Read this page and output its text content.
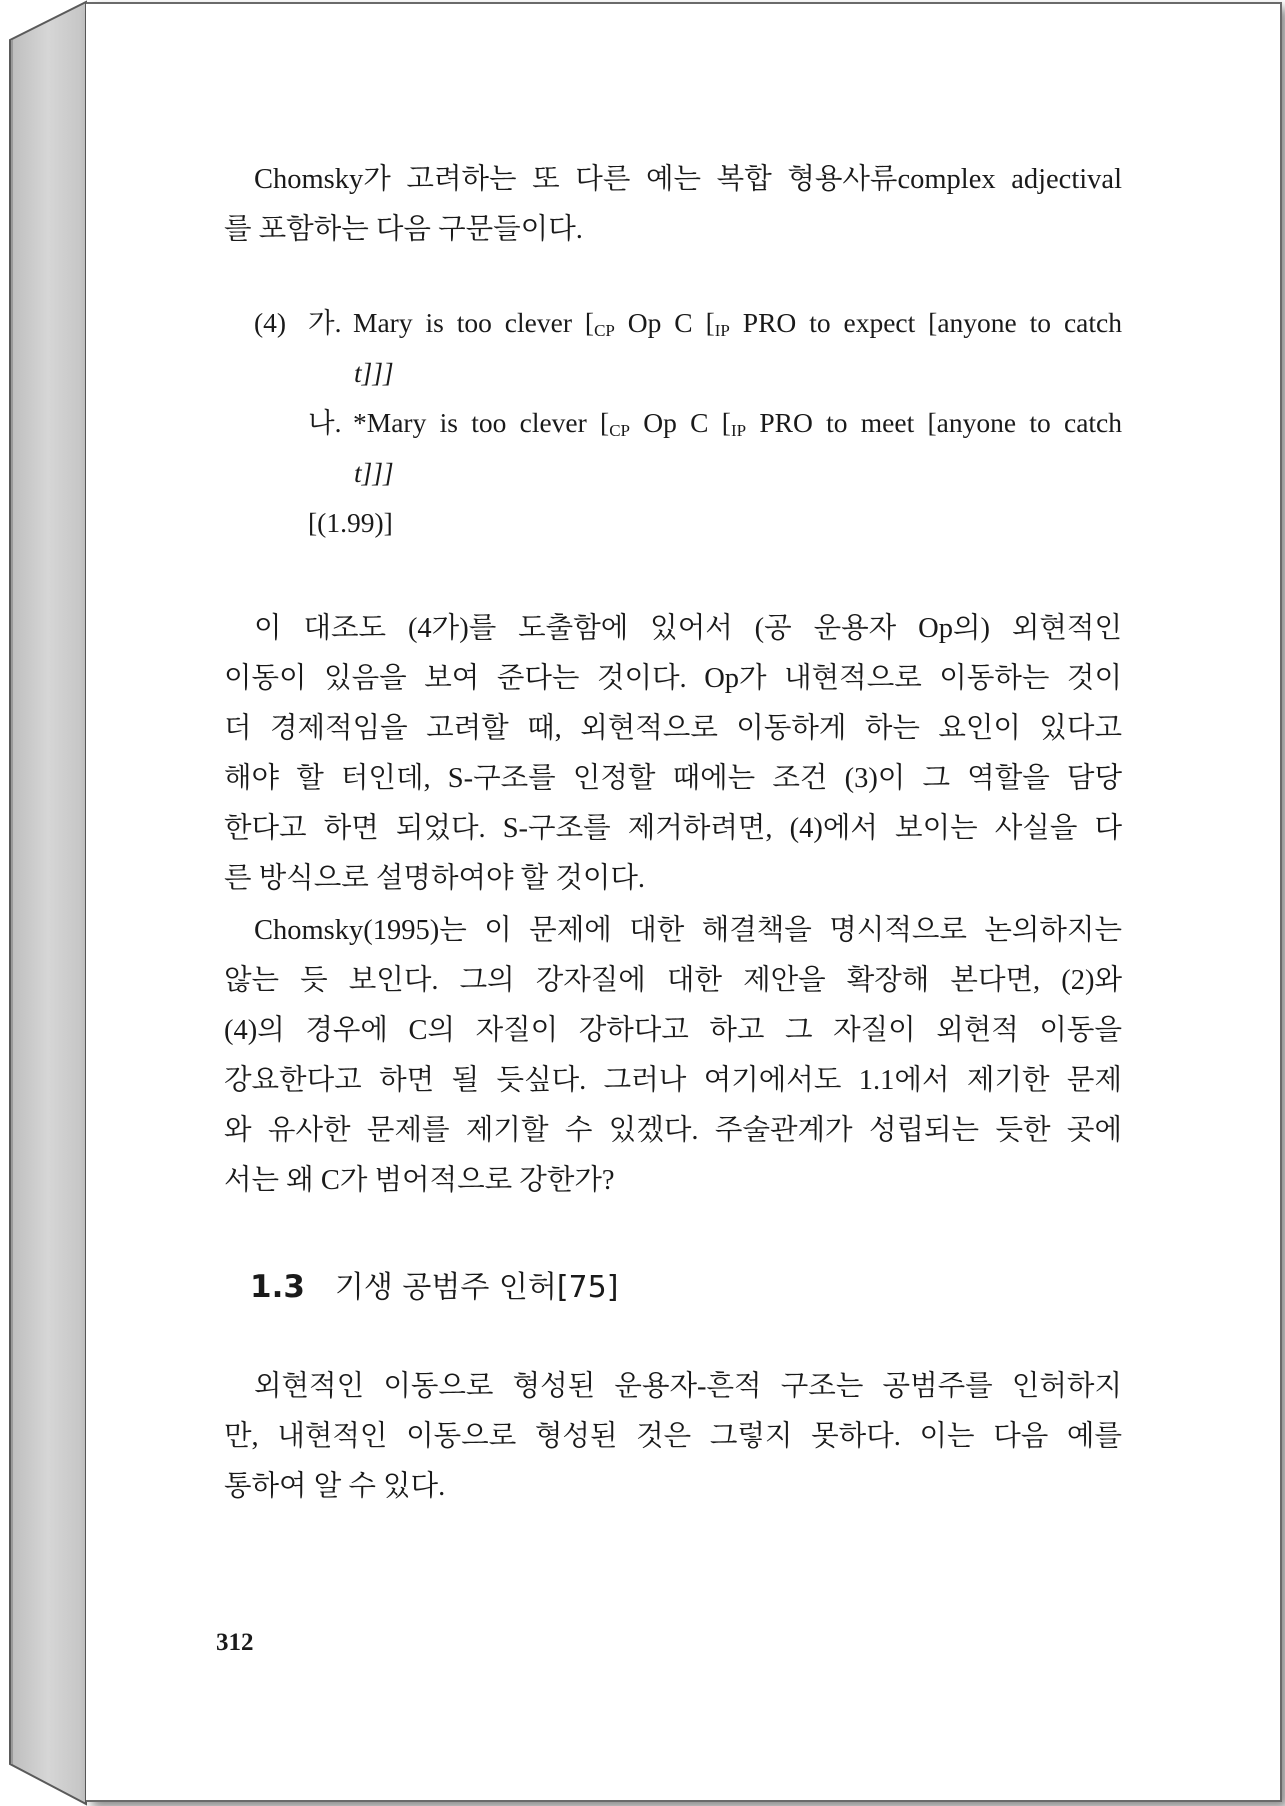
Chomsky가 고려하는 또 다른 예는 복합 형용사류complex adjectival
를 포함하는 다음 구문들이다.
(4) 가. Mary is too clever [$_{CP}$ Op C [$_{IP}$ PRO to expect [anyone to catch
t]]]
나. *Mary is too clever [$_{CP}$ Op C [$_{IP}$ PRO to meet [anyone to catch
t]]]
[(1.99)]
이 대조도 (4가)를 도출함에 있어서 (공 운용자 Op의) 외현적인
이동이 있음을 보여 준다는 것이다. Op가 내현적으로 이동하는 것이
더 경제적임을 고려할 때, 외현적으로 이동하게 하는 요인이 있다고
해야 할 터인데, S-구조를 인정할 때에는 조건 (3)이 그 역할을 담당
한다고 하면 되었다. S-구조를 제거하려면, (4)에서 보이는 사실을 다
른 방식으로 설명하여야 할 것이다.
Chomsky(1995)는 이 문제에 대한 해결책을 명시적으로 논의하지는
않는 듯 보인다. 그의 강자질에 대한 제안을 확장해 본다면, (2)와
(4)의 경우에 C의 자질이 강하다고 하고 그 자질이 외현적 이동을
강요한다고 하면 될 듯싶다. 그러나 여기에서도 1.1에서 제기한 문제
와 유사한 문제를 제기할 수 있겠다. 주술관계가 성립되는 듯한 곳에
서는 왜 C가 범어적으로 강한가?
1.3 기생 공범주 인허[75]
외현적인 이동으로 형성된 운용자-흔적 구조는 공범주를 인허하지
만, 내현적인 이동으로 형성된 것은 그렇지 못하다. 이는 다음 예를
통하여 알 수 있다.
312
